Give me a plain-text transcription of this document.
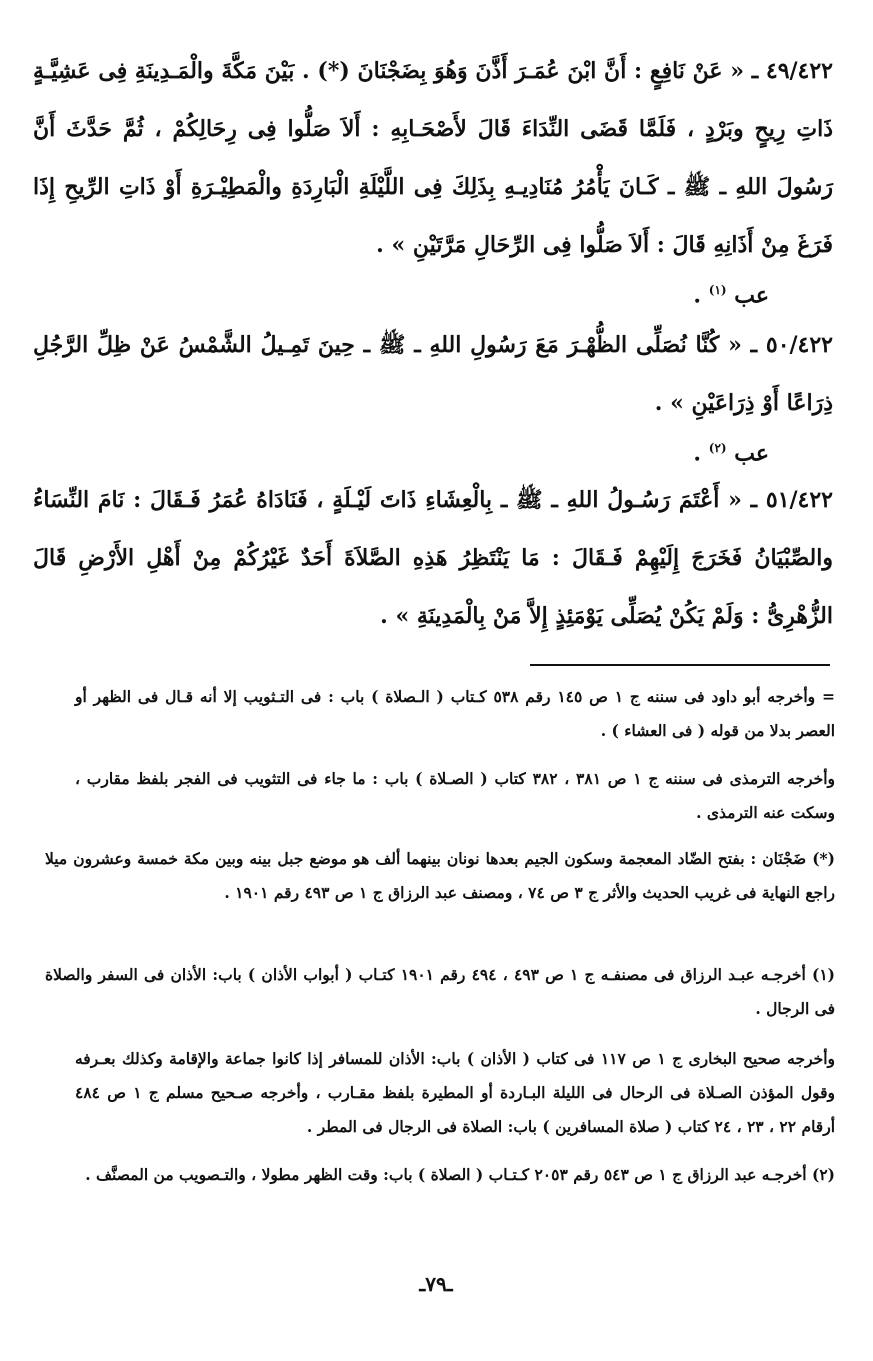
٤٩/٤٢٢ ـ « عَنْ نَافِعٍ : أَنَّ ابْنَ عُمَـرَ أَذَّنَ وَهُوَ بِضَجْنَانَ (*) . بَيْنَ مَكَّةَ والْمَـدِينَةِ فِى عَشِيَّـةٍ ذَاتِ رِيحٍ وبَرْدٍ ، فَلَمَّا قَضَى النِّدَاءَ قَالَ لأَصْحَـابِهِ : أَلاَ صَلُّوا فِى رِحَالِكُمْ ، ثُمَّ حَدَّثَ أَنَّ رَسُولَ اللهِ ـ ﷺ ـ كَـانَ يَأْمُرُ مُنَادِيـهِ بِذَلِكَ فِى اللَّيْلَةِ الْبَارِدَةِ والْمَطِيْـرَةِ أَوْ ذَاتِ الرِّيحِ إِذَا فَرَغَ مِنْ أَذَانِهِ قَالَ : أَلاَ صَلُّوا فِى الرِّحَالِ مَرَّتَيْنِ » .

عب $^{(١)}$ .

٥٠/٤٢٢ ـ « كُنَّا نُصَلِّى الظُّهْـرَ مَعَ رَسُولِ اللهِ ـ ﷺ ـ حِينَ تَمِـيلُ الشَّمْسُ عَنْ ظِلِّ الرَّجُلِ ذِرَاعًا أَوْ ذِرَاعَيْنِ » .

عب $^{(٢)}$ .

٥١/٤٢٢ ـ « أَعْتَمَ رَسُـولُ اللهِ ـ ﷺ ـ بِالْعِشَاءِ ذَاتَ لَيْـلَةٍ ، فَنَادَاهُ عُمَرُ فَـقَالَ : نَامَ النِّسَاءُ والصِّبْيَانُ فَخَرَجَ إِلَيْهِمْ فَـقَالَ : مَا يَنْتَظِرُ هَذِهِ الصَّلاَةَ أَحَدٌ غَيْرُكُمْ مِنْ أَهْلِ الأَرْضِ قَالَ الزُّهْرِىُّ : وَلَمْ يَكُنْ يُصَلِّى يَوْمَئِذٍ إِلاَّ مَنْ بِالْمَدِينَةِ » .

= وأخرجه أبو داود فى سننه ج ١ ص ١٤٥ رقم ٥٣٨ كـتاب ( الـصلاة ) باب : فى التـثويب إلا أنه قـال فى الظهر أو العصر بدلا من قوله ( فى العشاء ) .

وأخرجه الترمذى فى سننه ج ١ ص ٣٨١ ، ٣٨٢ كتاب ( الصـلاة ) باب : ما جاء فى التثويب فى الفجر بلفظ مقارب ، وسكت عنه الترمذى .

(*) ضَجْنَان : بفتح الضّاد المعجمة وسكون الجيم بعدها نونان بينهما ألف هو موضع جبل بينه وبين مكة خمسة وعشرون ميلا راجع النهاية فى غريب الحديث والأثر ج ٣ ص ٧٤ ، ومصنف عبد الرزاق ج ١ ص ٤٩٣ رقم ١٩٠١ .

(١) أخرجـه عبـد الرزاق فى مصنفـه ج ١ ص ٤٩٣ ، ٤٩٤ رقم ١٩٠١ كتـاب ( أبواب الأذان ) باب: الأذان فى السفر والصلاة فى الرجال .

وأخرجه صحيح البخارى ج ١ ص ١١٧ فى كتاب ( الأذان ) باب: الأذان للمسافر إذا كانوا جماعة والإقامة وكذلك بعـرفه وقول المؤذن الصـلاة فى الرحال فى الليلة البـاردة أو المطيرة بلفظ مقـارب ، وأخرجه صـحيح مسلم ج ١ ص ٤٨٤ أرقام ٢٢ ، ٢٣ ، ٢٤ كتاب ( صلاة المسافرين ) باب: الصلاة فى الرجال فى المطر .

(٢) أخرجـه عبد الرزاق ج ١ ص ٥٤٣ رقم ٢٠٥٣ كـتـاب ( الصلاة ) باب: وقت الظهر مطولا ، والتـصويب من المصنَّف .

ـ٧٩ـ
